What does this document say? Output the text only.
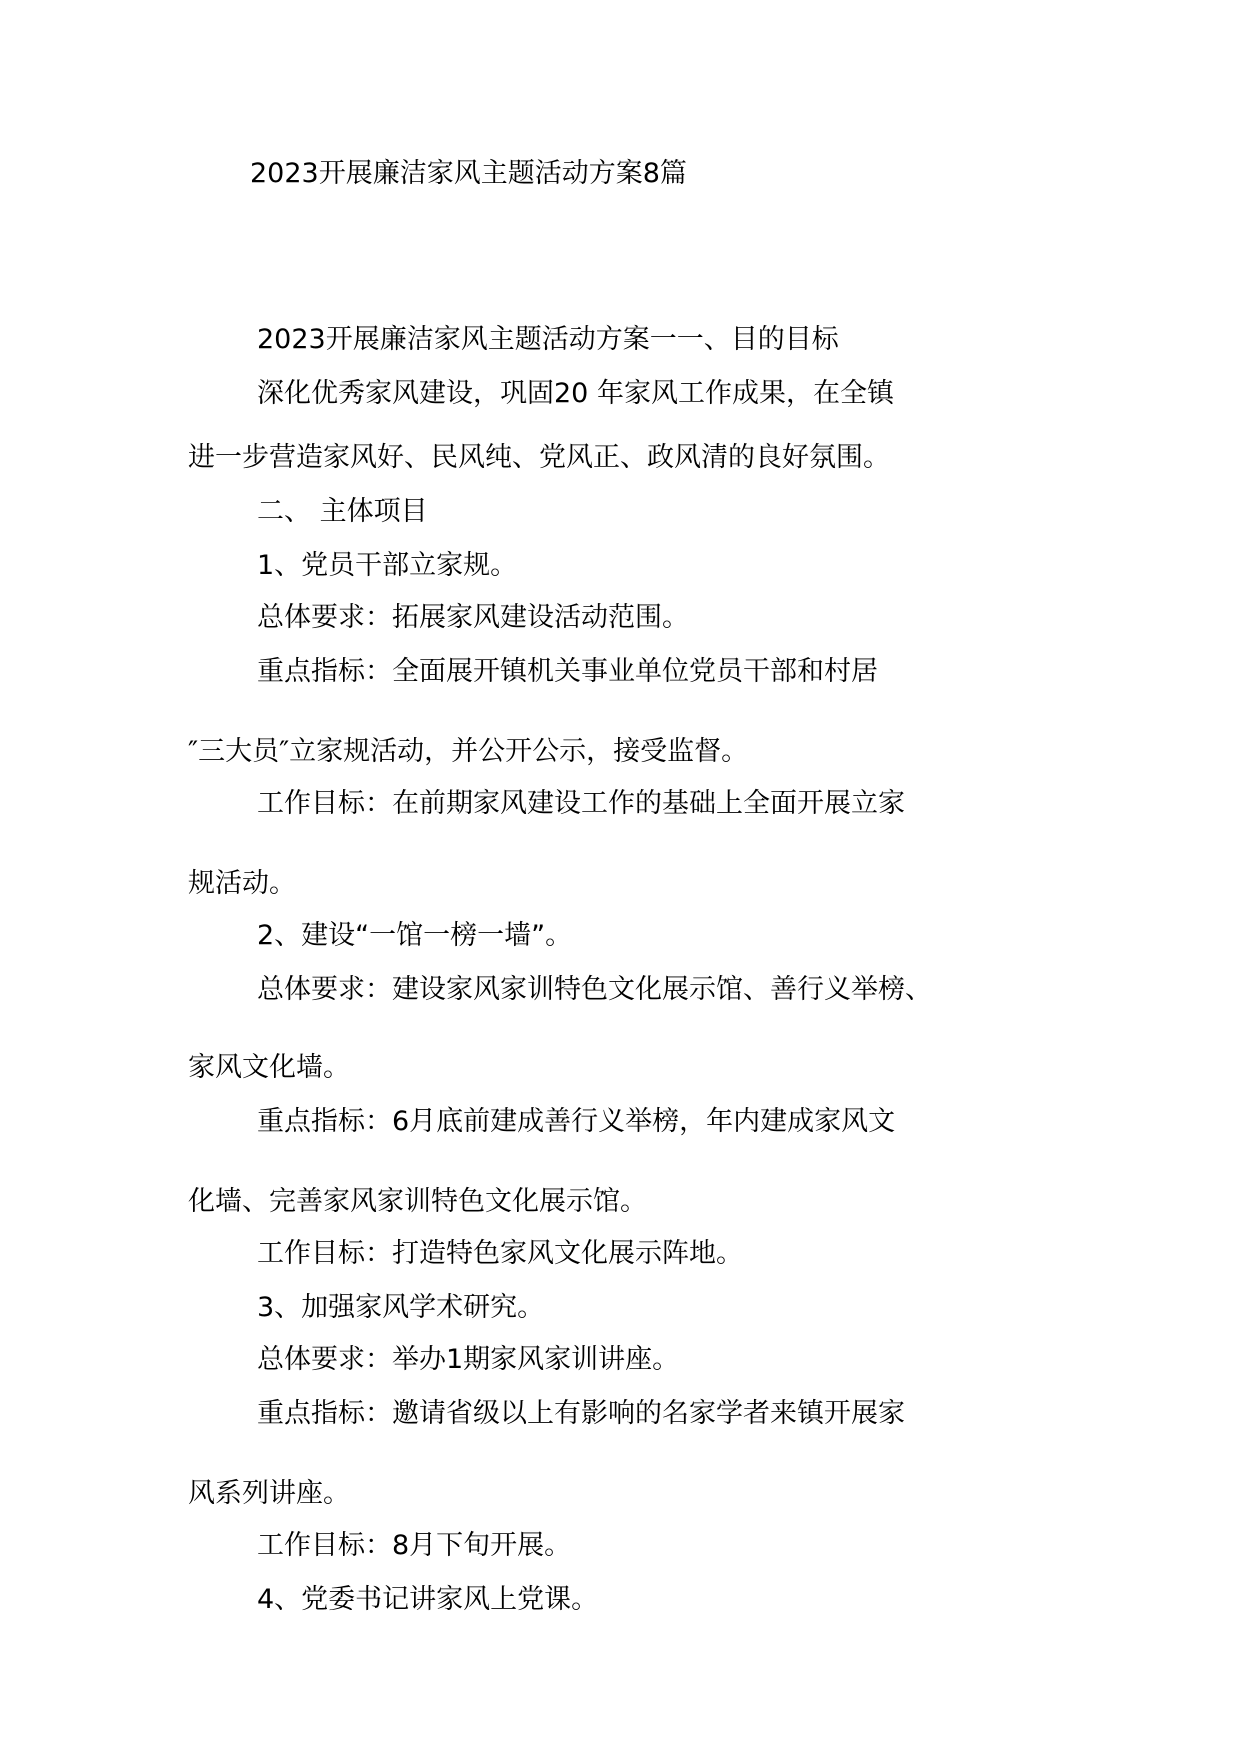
2023开展廉洁家风主题活动方案8篇
2023开展廉洁家风主题活动方案一一、目的目标
深化优秀家风建设，巩固20 年家风工作成果，在全镇
进一步营造家风好、民风纯、党风正、政风清的良好氛围。
二、 主体项目
1、党员干部立家规。
总体要求：拓展家风建设活动范围。
重点指标：全面展开镇机关事业单位党员干部和村居
″三大员″立家规活动，并公开公示，接受监督。
工作目标：在前期家风建设工作的基础上全面开展立家
规活动。
2、建设“一馆一榜一墙”。
总体要求：建设家风家训特色文化展示馆、善行义举榜、
家风文化墙。
重点指标：6月底前建成善行义举榜，年内建成家风文
化墙、完善家风家训特色文化展示馆。
工作目标：打造特色家风文化展示阵地。
3、加强家风学术研究。
总体要求：举办1期家风家训讲座。
重点指标：邀请省级以上有影响的名家学者来镇开展家
风系列讲座。
工作目标：8月下旬开展。
4、党委书记讲家风上党课。
